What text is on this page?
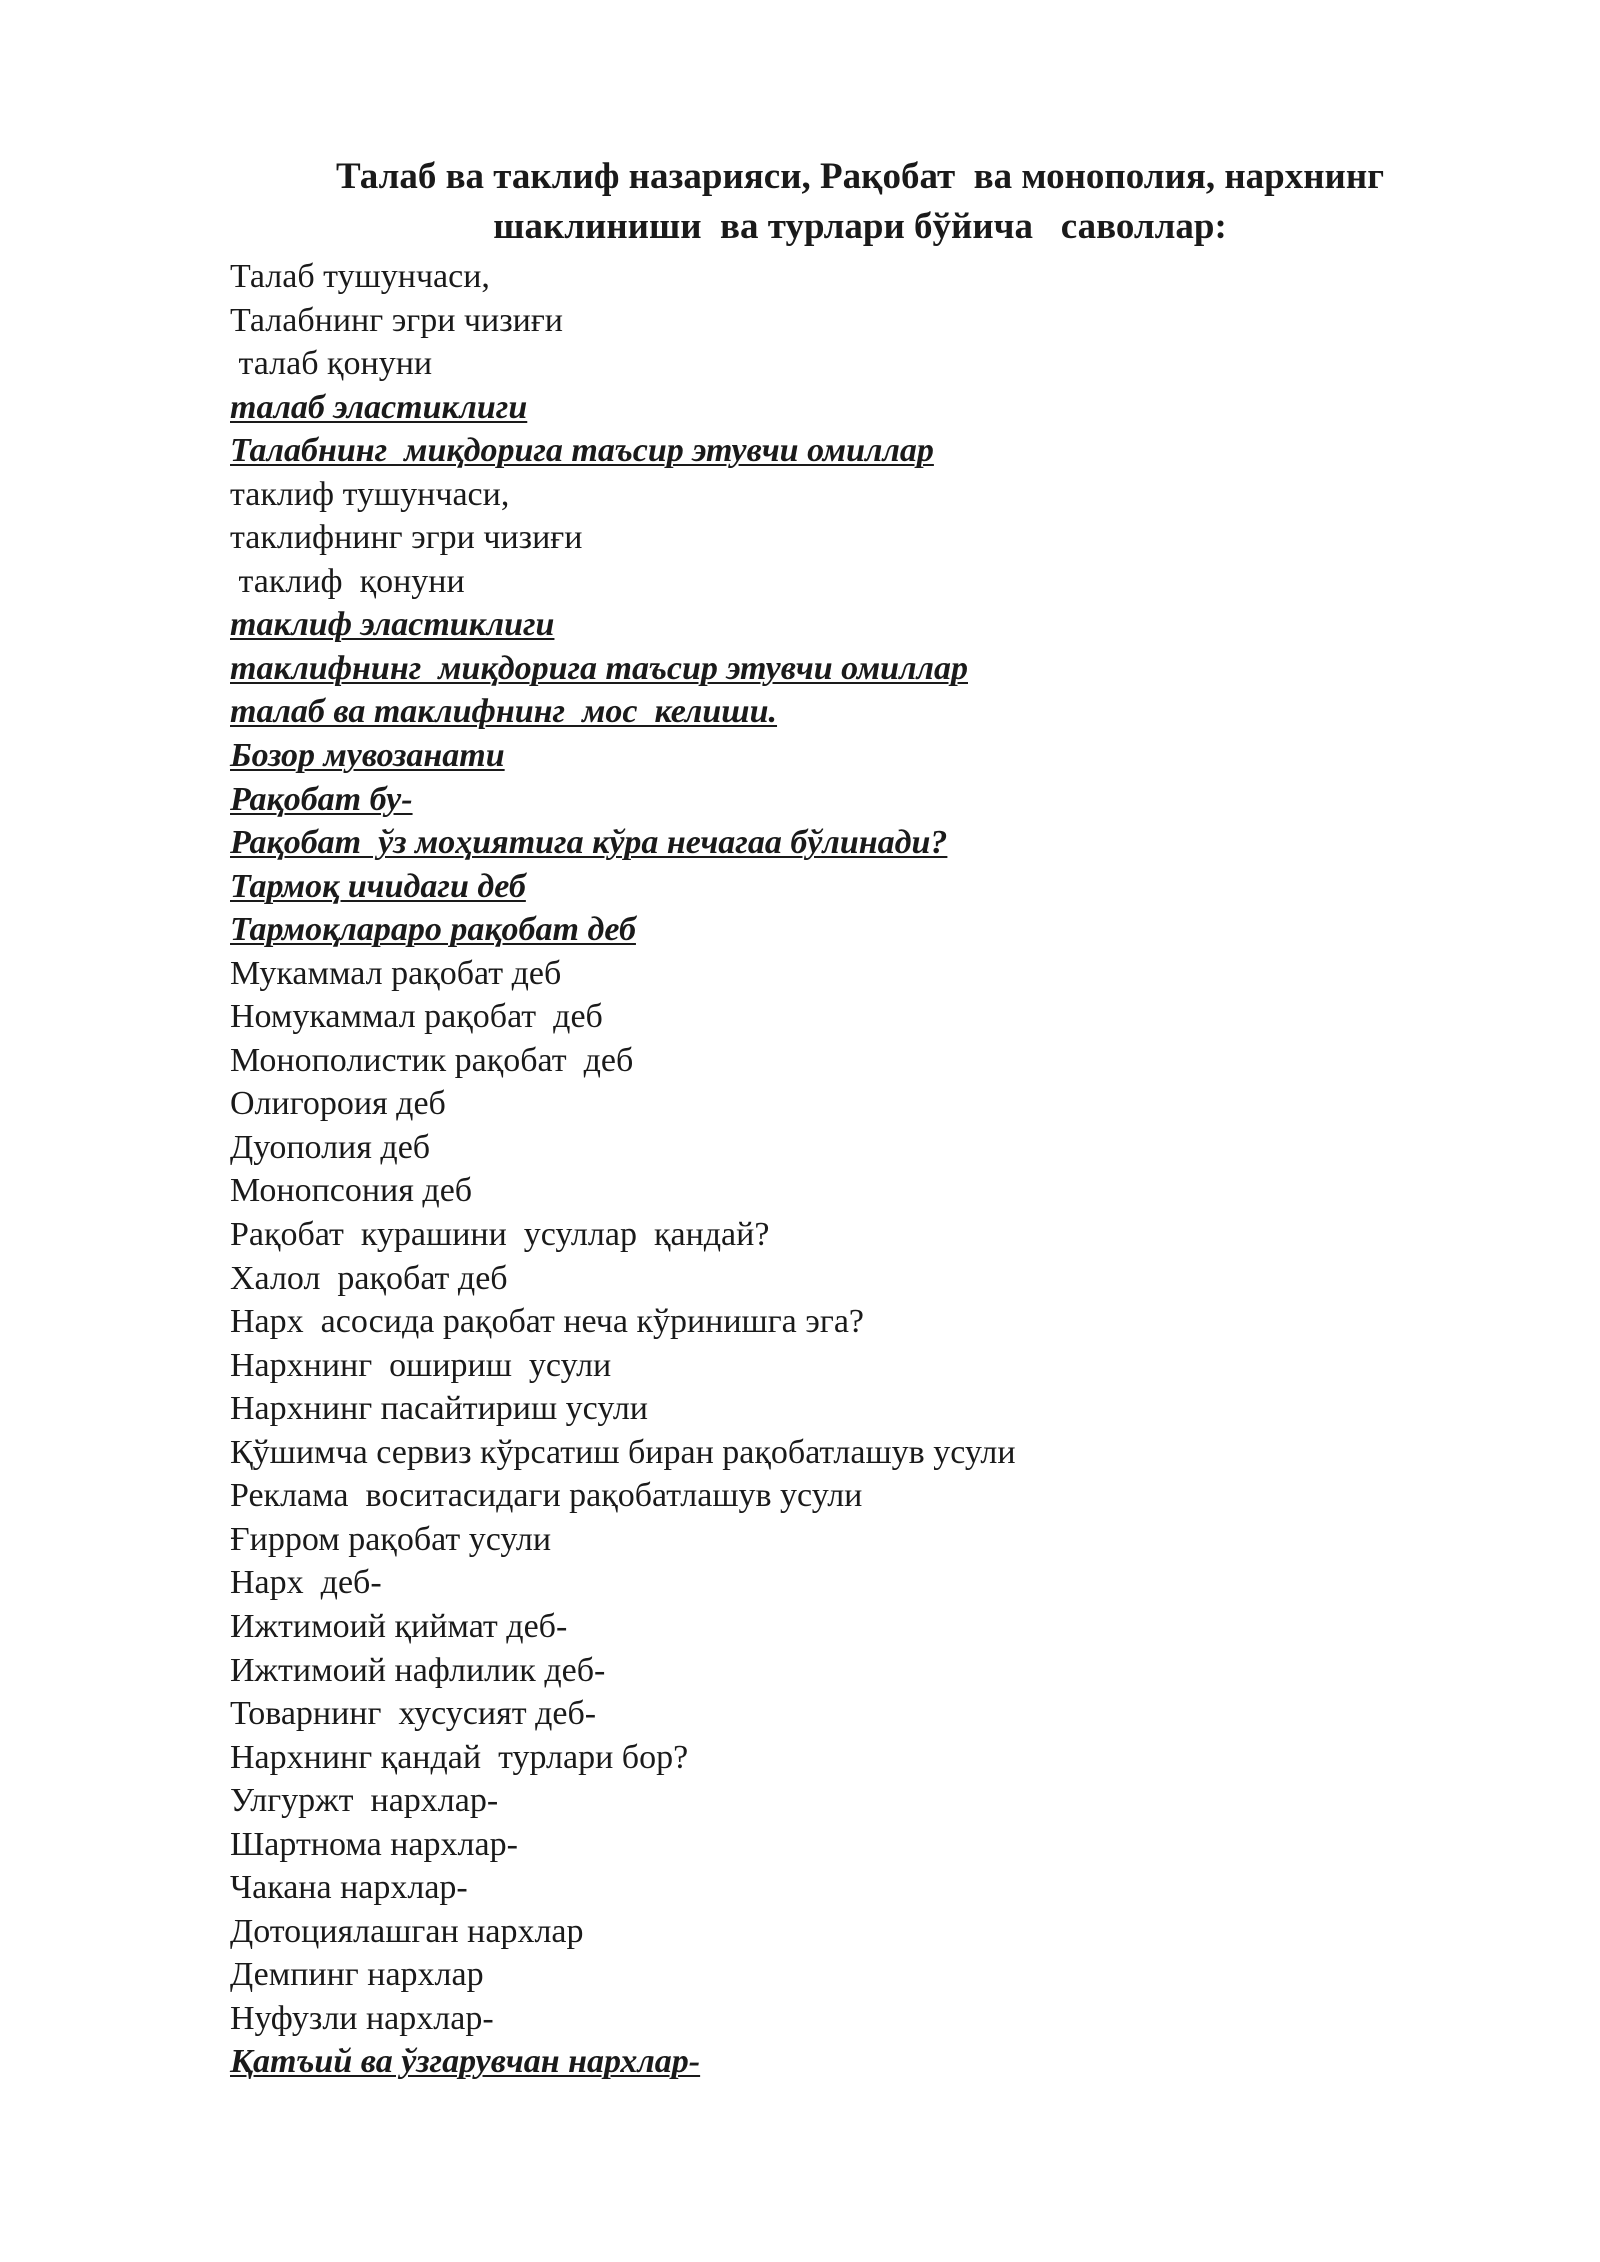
Талаб ва таклиф назарияси, Рақобат  ва монополия, нархнинг
шаклиниши  ва турлари бўйича   саволлар:
Талаб тушунчаси,
Талабнинг эгри чизиғи
талаб қонуни
талаб эластиклиги
Талабнинг  миқдорига таъсир этувчи омиллар
таклиф тушунчаси,
таклифнинг эгри чизиғи
таклиф  қонуни
таклиф эластиклиги
таклифнинг  миқдорига таъсир этувчи омиллар
талаб ва таклифнинг  мос  келиши.
Бозор мувозанати
Рақобат бу-
Рақобат  ўз моҳиятига кўра нечагаа бўлинади?
Тармоқ ичидаги деб
Тармоқлараро рақобат деб
Мукаммал рақобат деб
Номукаммал рақобат  деб
Монополистик рақобат  деб
Олигороия деб
Дуополия деб
Монопсония деб
Рақобат  курашини  усуллар  қандай?
Халол  рақобат деб
Нарх  асосида рақобат неча кўринишга эга?
Нархнинг  ошириш  усули
Нархнинг пасайтириш усули
Қўшимча сервиз кўрсатиш биран рақобатлашув усули
Реклама  воситасидаги рақобатлашув усули
Ғирром рақобат усули
Нарх  деб-
Ижтимоий қиймат деб-
Ижтимоий нафлилик деб-
Товарнинг  хусусият деб-
Нархнинг қандай  турлари бор?
Улгуржт  нархлар-
Шартнома нархлар-
Чакана нархлар-
Дотоциялашган нархлар
Демпинг нархлар
Нуфузли нархлар-
Қатъий ва ўзгарувчан нархлар-
